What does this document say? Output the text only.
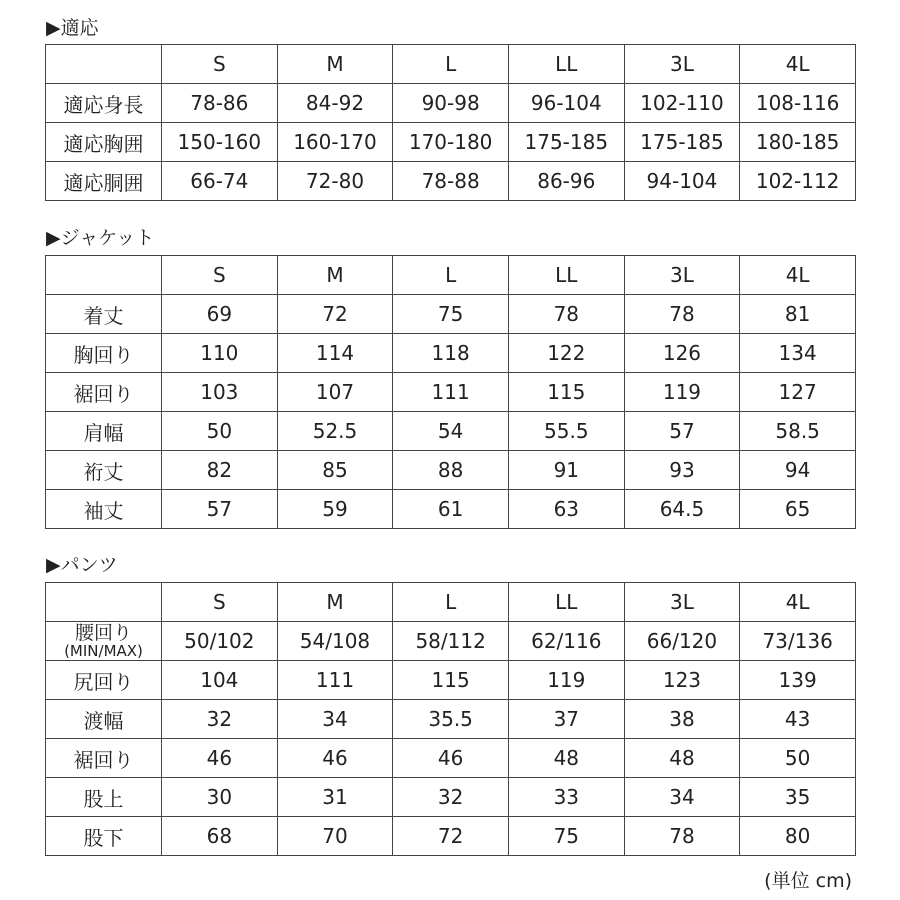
▶適応
	S	M	L	LL	3L	4L
適応身長	78-86	84-92	90-98	96-104	102-110	108-116
適応胸囲	150-160	160-170	170-180	175-185	175-185	180-185
適応胴囲	66-74	72-80	78-88	86-96	94-104	102-112
▶ジャケット
	S	M	L	LL	3L	4L
着丈	69	72	75	78	78	81
胸回り	110	114	118	122	126	134
裾回り	103	107	111	115	119	127
肩幅	50	52.5	54	55.5	57	58.5
裄丈	82	85	88	91	93	94
袖丈	57	59	61	63	64.5	65
▶パンツ
	S	M	L	LL	3L	4L

腰回り
(MIN/MAX)	50/102	54/108	58/112	62/116	66/120	73/136
尻回り	104	111	115	119	123	139
渡幅	32	34	35.5	37	38	43
裾回り	46	46	46	48	48	50
股上	30	31	32	33	34	35
股下	68	70	72	75	78	80
(単位 cm)
